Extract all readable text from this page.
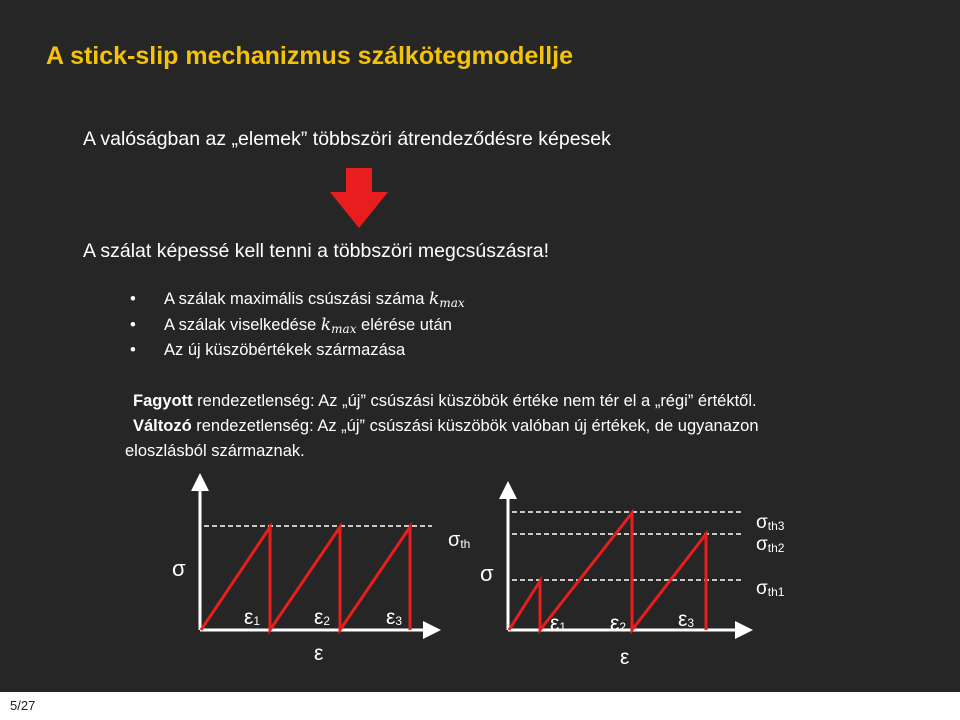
A stick-slip mechanizmus szálkötegmodellje
A valóságban az „elemek” többszöri átrendeződésre képesek
A szálat képessé kell tenni a többszöri megcsúszásra!
• A szálak maximális csúszási száma $k_{max}$
• A szálak viselkedése $k_{max}$ elérése után
• Az új küszöbértékek származása
Fagyott rendezetlenség: Az „új” csúszási küszöbök értéke nem tér el a „régi” értéktől.
Változó rendezetlenség: Az „új” csúszási küszöbök valóban új értékek, de ugyanazon
eloszlásból származnak.
σ
σth
ε1	ε2	ε3
ε
σ
σth3
σth2
σth1
ε1 ε2 ε3
ε
5/27
